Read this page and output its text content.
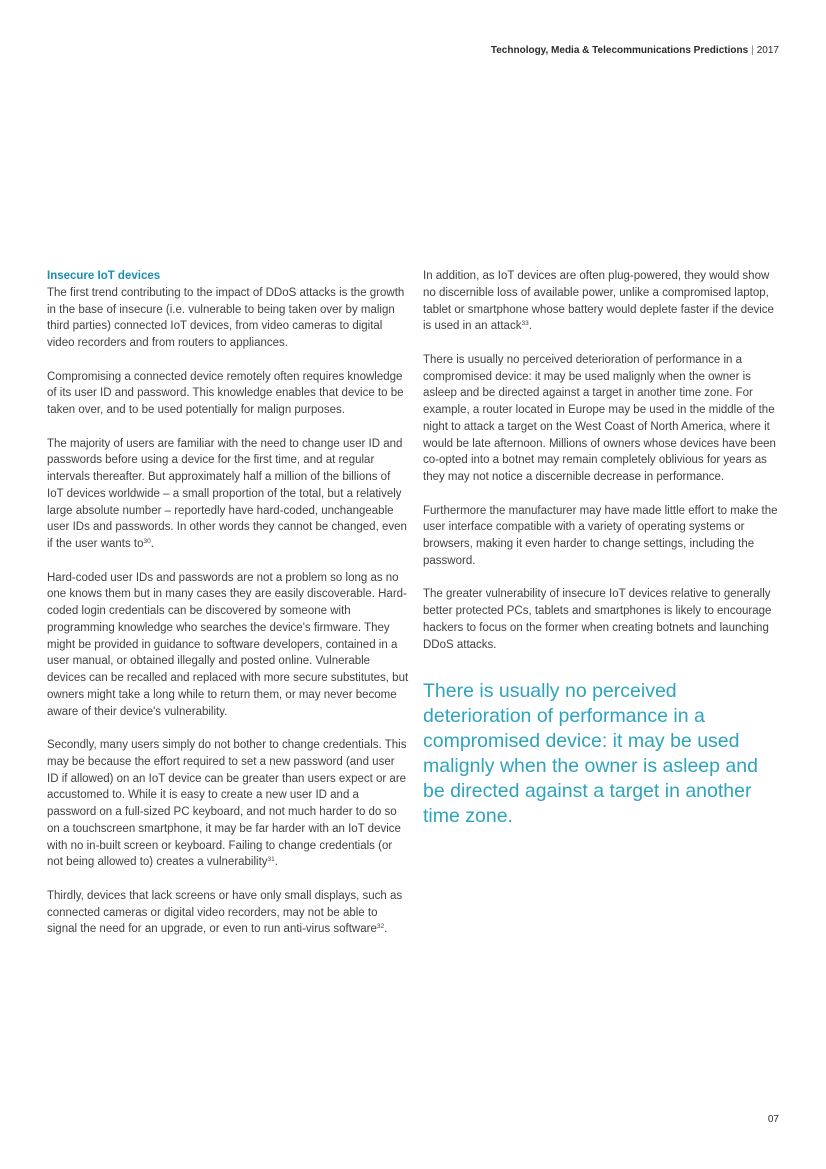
Technology, Media & Telecommunications Predictions | 2017
Insecure IoT devices

The first trend contributing to the impact of DDoS attacks is the growth in the base of insecure (i.e. vulnerable to being taken over by malign third parties) connected IoT devices, from video cameras to digital video recorders and from routers to appliances.

Compromising a connected device remotely often requires knowledge of its user ID and password. This knowledge enables that device to be taken over, and to be used potentially for malign purposes.

The majority of users are familiar with the need to change user ID and passwords before using a device for the first time, and at regular intervals thereafter. But approximately half a million of the billions of IoT devices worldwide – a small proportion of the total, but a relatively large absolute number – reportedly have hard-coded, unchangeable user IDs and passwords. In other words they cannot be changed, even if the user wants $to^{30}$.

Hard-coded user IDs and passwords are not a problem so long as no one knows them but in many cases they are easily discoverable. Hard-coded login credentials can be discovered by someone with programming knowledge who searches the device's firmware. They might be provided in guidance to software developers, contained in a user manual, or obtained illegally and posted online. Vulnerable devices can be recalled and replaced with more secure substitutes, but owners might take a long while to return them, or may never become aware of their device's vulnerability.

Secondly, many users simply do not bother to change credentials. This may be because the effort required to set a new password (and user ID if allowed) on an IoT device can be greater than users expect or are accustomed to. While it is easy to create a new user ID and a password on a full-sized PC keyboard, and not much harder to do so on a touchscreen smartphone, it may be far harder with an IoT device with no in-built screen or keyboard. Failing to change credentials (or not being allowed to) creates a vulnerability$^{31}$.

Thirdly, devices that lack screens or have only small displays, such as connected cameras or digital video recorders, may not be able to signal the need for an upgrade, or even to run anti-virus software$^{32}$.

In addition, as IoT devices are often plug-powered, they would show no discernible loss of available power, unlike a compromised laptop, tablet or smartphone whose battery would deplete faster if the device is used in an attack$^{33}$.

There is usually no perceived deterioration of performance in a compromised device: it may be used malignly when the owner is asleep and be directed against a target in another time zone. For example, a router located in Europe may be used in the middle of the night to attack a target on the West Coast of North America, where it would be late afternoon. Millions of owners whose devices have been co-opted into a botnet may remain completely oblivious for years as they may not notice a discernible decrease in performance.

Furthermore the manufacturer may have made little effort to make the user interface compatible with a variety of operating systems or browsers, making it even harder to change settings, including the password.

The greater vulnerability of insecure IoT devices relative to generally better protected PCs, tablets and smartphones is likely to encourage hackers to focus on the former when creating botnets and launching DDoS attacks.

There is usually no perceived deterioration of performance in a compromised device: it may be used malignly when the owner is asleep and be directed against a target in another time zone.
07
